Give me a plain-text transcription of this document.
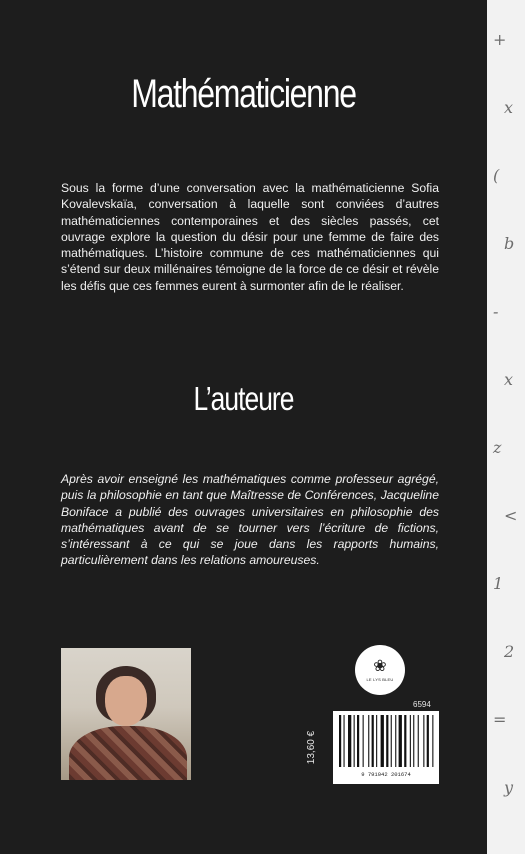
Mathématicienne
Sous la forme d’une conversation avec la mathématicienne Sofia Kovalevskaïa, conversation à laquelle sont conviées d’autres mathématiciennes contemporaines et des siècles passés, cet ouvrage explore la question du désir pour une femme de faire des mathématiques. L’histoire commune de ces mathématiciennes qui s’étend sur deux millénaires témoigne de la force de ce désir et révèle les défis que ces femmes eurent à surmonter afin de le réaliser.
L’auteure
Après avoir enseigné les mathématiques comme professeur agrégé, puis la philosophie en tant que Maîtresse de Conférences, Jacqueline Boniface a publié des ouvrages universitaires en philosophie des mathématiques avant de se tourner vers l’écriture de fictions, s’intéressant à ce qui se joue dans les rapports humains, particulièrement dans les relations amoureuses.
❀
LE LYS BLEU
6594
13,60 €
9 791042 201674
+
x
(
b
-
x
z
<
1
2
=
y
